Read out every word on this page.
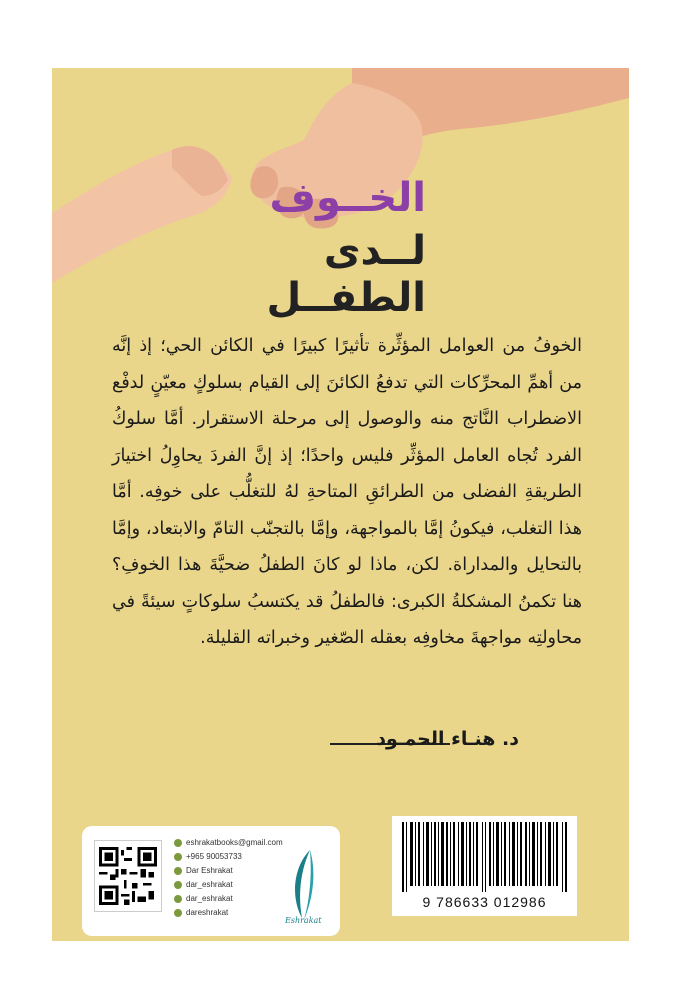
الخــوف
لــدى
الطفــل
الخوفُ من العوامل المؤثِّرة تأثيرًا كبيرًا في الكائن الحي؛ إذ إنَّه من أهمِّ المحرِّكات التي تدفعُ الكائنَ إلى القيام بسلوكٍ معيّنٍ لدفْع الاضطراب النَّاتج منه والوصول إلى مرحلة الاستقرار. أمَّا سلوكُ الفرد تُجاه العامل المؤثِّر فليس واحدًا؛ إذ إنَّ الفردَ يحاوِلُ اختيارَ الطريقةِ الفضلى من الطرائقِ المتاحةِ لهُ للتغلُّب على خوفِه. أمَّا هذا التغلب، فيكونُ إمَّا بالمواجهة، وإمَّا بالتجنّب التامّ والابتعاد، وإمَّا بالتحايل والمداراة. لكن، ماذا لو كانَ الطفلُ ضحيَّةَ هذا الخوفِ؟ هنا تكمنُ المشكلةُ الكبرى: فالطفلُ قد يكتسبُ سلوكاتٍ سيئةً في محاولتِه مواجهةَ مخاوفِه بعقله الصّغير وخبراته القليلة.
د. هنـاء الحمـود
eshrakatbooks@gmail.com
+965 90053733
Dar Eshrakat
dar_eshrakat
dar_eshrakat
dareshrakat
Eshrakat
9 786633 012986
